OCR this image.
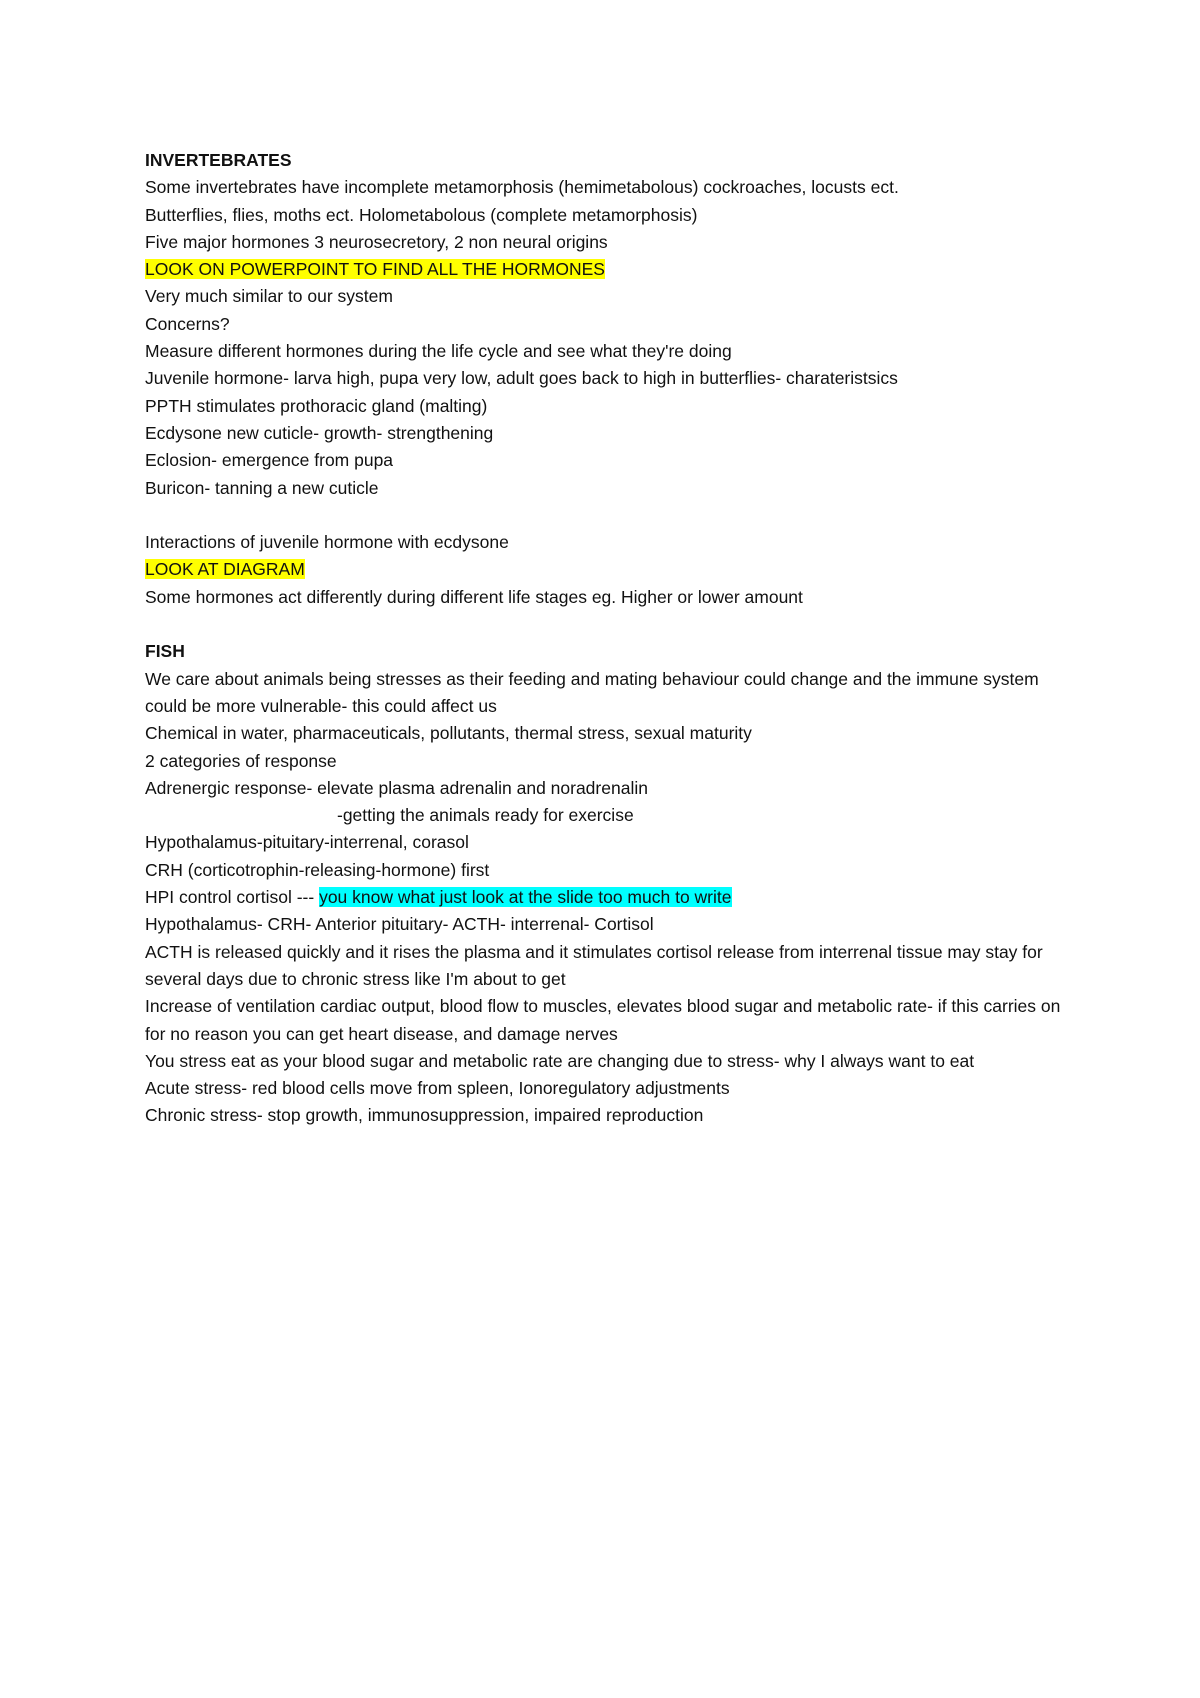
INVERTEBRATES
Some invertebrates have incomplete metamorphosis (hemimetabolous) cockroaches, locusts ect.
Butterflies, flies, moths ect. Holometabolous (complete metamorphosis)
Five major hormones 3 neurosecretory, 2 non neural origins
LOOK ON POWERPOINT TO FIND ALL THE HORMONES
Very much similar to our system
Concerns?
Measure different hormones during the life cycle and see what they're doing
Juvenile hormone- larva high, pupa very low, adult goes back to high in butterflies- charateristsics
PPTH stimulates prothoracic gland (malting)
Ecdysone new cuticle- growth- strengthening
Eclosion- emergence from pupa
Buricon- tanning a new cuticle
Interactions of juvenile hormone with ecdysone
LOOK AT DIAGRAM
Some hormones act differently during different life stages eg. Higher or lower amount
FISH
We care about animals being stresses as their feeding and mating behaviour could change and the immune system could be more vulnerable- this could affect us
Chemical in water, pharmaceuticals, pollutants, thermal stress, sexual maturity
2 categories of response
Adrenergic response- elevate plasma adrenalin and noradrenalin
-getting the animals ready for exercise
Hypothalamus-pituitary-interrenal, corasol
CRH (corticotrophin-releasing-hormone) first
HPI control cortisol --- you know what just look at the slide too much to write
Hypothalamus- CRH- Anterior pituitary- ACTH- interrenal- Cortisol
ACTH is released quickly and it rises the plasma and it stimulates cortisol release from interrenal tissue may stay for several days due to chronic stress like I'm about to get
Increase of ventilation cardiac output, blood flow to muscles, elevates blood sugar and metabolic rate- if this carries on for no reason you can get heart disease, and damage nerves
You stress eat as your blood sugar and metabolic rate are changing due to stress- why I always want to eat
Acute stress- red blood cells move from spleen, Ionoregulatory adjustments
Chronic stress- stop growth, immunosuppression, impaired reproduction
